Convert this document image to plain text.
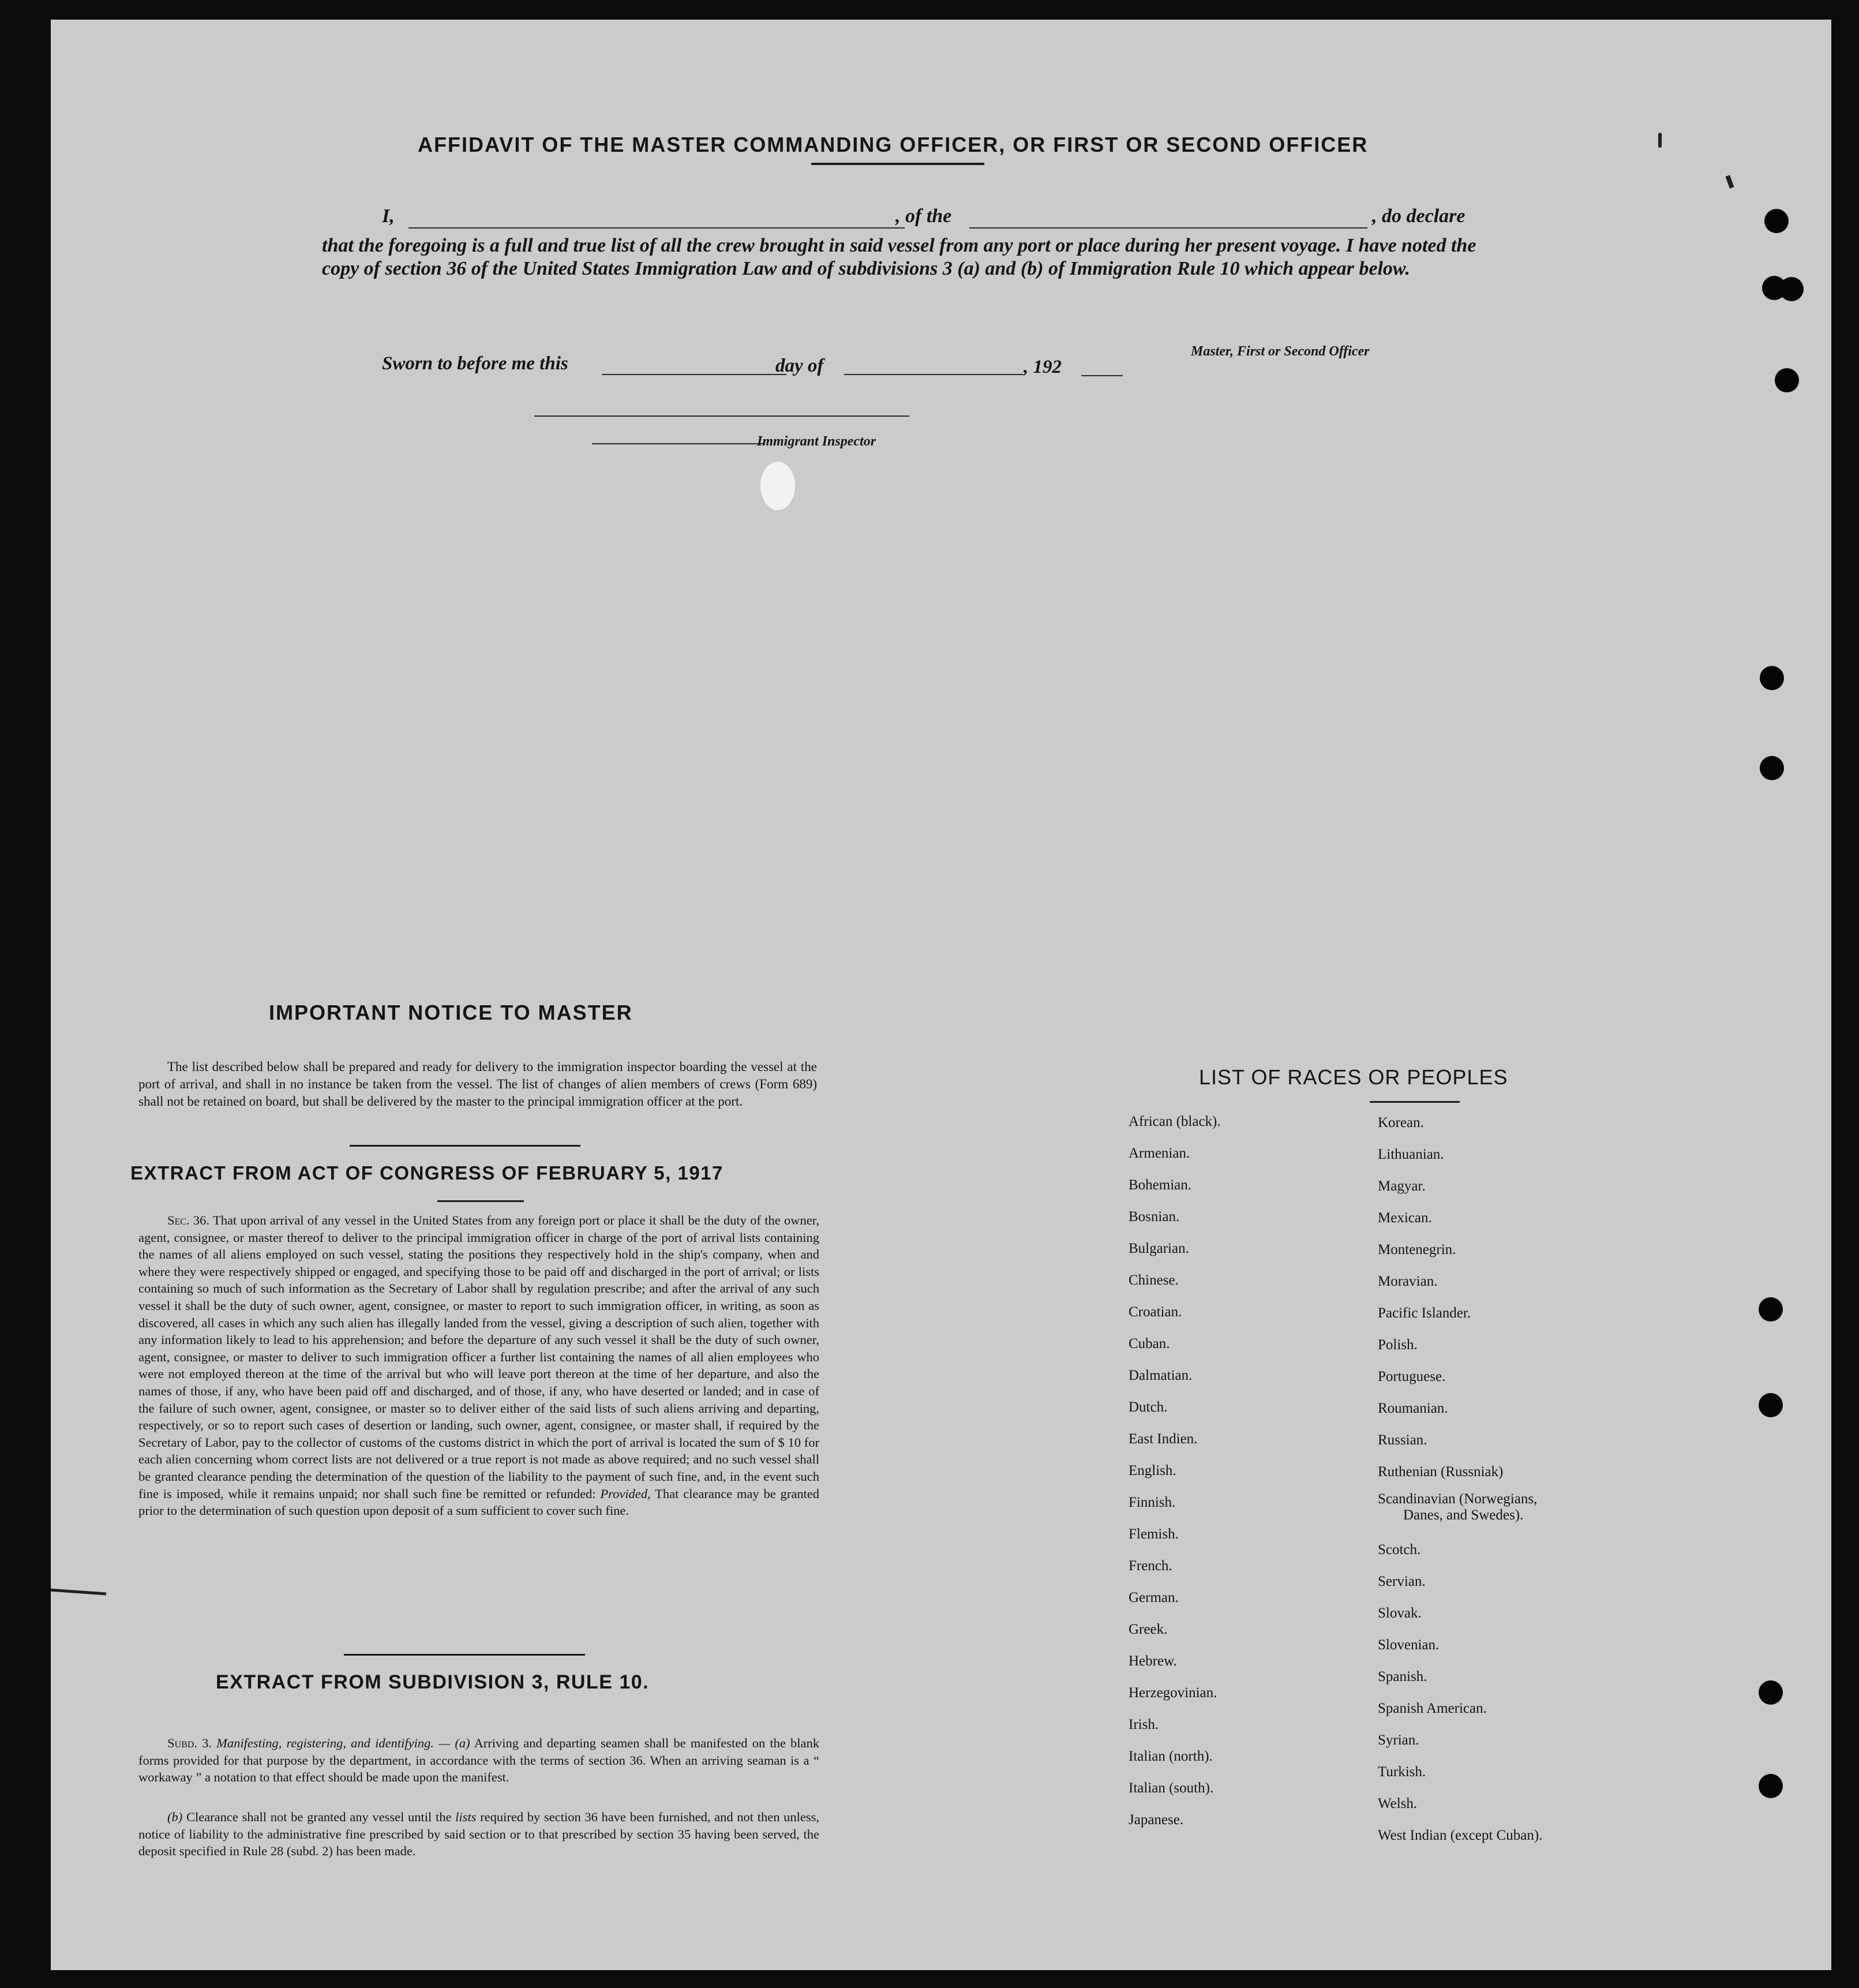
AFFIDAVIT OF THE MASTER COMMANDING OFFICER, OR FIRST OR SECOND OFFICER
I,	, of the	, do declare
that the foregoing is a full and true list of all the crew brought in said vessel from any port or place during her present voyage. I have noted the copy of section 36 of the United States Immigration Law and of subdivisions 3 (a) and (b) of Immigration Rule 10 which appear below.
Master, First or Second Officer
Sworn to before me this	day of	, 192
Immigrant Inspector
IMPORTANT NOTICE TO MASTER
The list described below shall be prepared and ready for delivery to the immigration inspector boarding the vessel at the port of arrival, and shall in no instance be taken from the vessel. The list of changes of alien members of crews (Form 689) shall not be retained on board, but shall be delivered by the master to the principal immigration officer at the port.
EXTRACT FROM ACT OF CONGRESS OF FEBRUARY 5, 1917
Sec. 36. That upon arrival of any vessel in the United States from any foreign port or place it shall be the duty of the owner, agent, consignee, or master thereof to deliver to the principal immigration officer in charge of the port of arrival lists containing the names of all aliens employed on such vessel, stating the positions they respectively hold in the ship's company, when and where they were respectively shipped or engaged, and specifying those to be paid off and discharged in the port of arrival; or lists containing so much of such information as the Secretary of Labor shall by regulation prescribe; and after the arrival of any such vessel it shall be the duty of such owner, agent, consignee, or master to report to such immigration officer, in writing, as soon as discovered, all cases in which any such alien has illegally landed from the vessel, giving a description of such alien, together with any information likely to lead to his apprehension; and before the departure of any such vessel it shall be the duty of such owner, agent, consignee, or master to deliver to such immigration officer a further list containing the names of all alien employees who were not employed thereon at the time of the arrival but who will leave port thereon at the time of her departure, and also the names of those, if any, who have been paid off and discharged, and of those, if any, who have deserted or landed; and in case of the failure of such owner, agent, consignee, or master so to deliver either of the said lists of such aliens arriving and departing, respectively, or so to report such cases of desertion or landing, such owner, agent, consignee, or master shall, if required by the Secretary of Labor, pay to the collector of customs of the customs district in which the port of arrival is located the sum of $ 10 for each alien concerning whom correct lists are not delivered or a true report is not made as above required; and no such vessel shall be granted clearance pending the determination of the question of the liability to the payment of such fine, and, in the event such fine is imposed, while it remains unpaid; nor shall such fine be remitted or refunded: Provided, That clearance may be granted prior to the determination of such question upon deposit of a sum sufficient to cover such fine.
EXTRACT FROM SUBDIVISION 3, RULE 10.
Subd. 3. Manifesting, registering, and identifying. — (a) Arriving and departing seamen shall be manifested on the blank forms provided for that purpose by the department, in accordance with the terms of section 36. When an arriving seaman is a “ workaway ” a notation to that effect should be made upon the manifest.
(b) Clearance shall not be granted any vessel until the lists required by section 36 have been furnished, and not then unless, notice of liability to the administrative fine prescribed by said section or to that prescribed by section 35 having been served, the deposit specified in Rule 28 (subd. 2) has been made.
LIST OF RACES OR PEOPLES
African (black).
Armenian.
Bohemian.
Bosnian.
Bulgarian.
Chinese.
Croatian.
Cuban.
Dalmatian.
Dutch.
East Indien.
English.
Finnish.
Flemish.
French.
German.
Greek.
Hebrew.
Herzegovinian.
Irish.
Italian (north).
Italian (south).
Japanese.
Korean.
Lithuanian.
Magyar.
Mexican.
Montenegrin.
Moravian.
Pacific Islander.
Polish.
Portuguese.
Roumanian.
Russian.
Ruthenian (Russniak)
Scandinavian (Norwegians,
Danes, and Swedes).
Scotch.
Servian.
Slovak.
Slovenian.
Spanish.
Spanish American.
Syrian.
Turkish.
Welsh.
West Indian (except Cuban).
